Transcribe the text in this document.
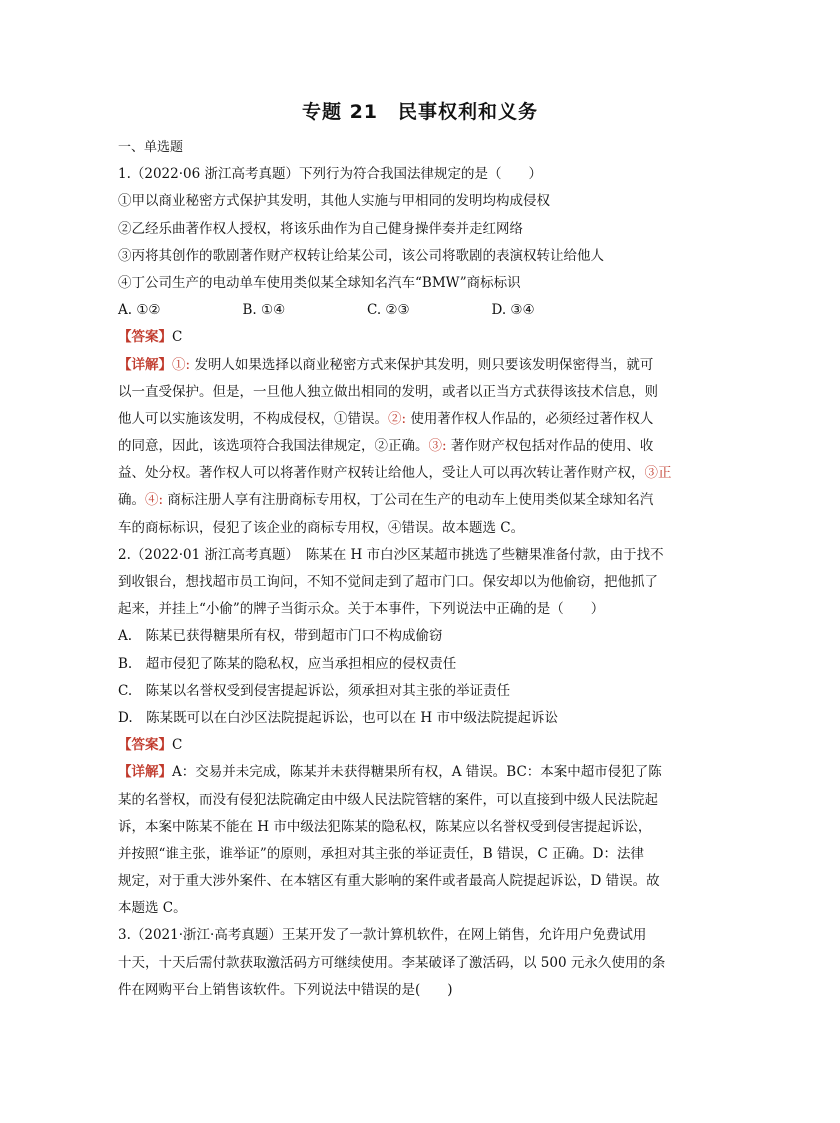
专题 21　民事权利和义务
一、单选题
1.（2022·06 浙江高考真题）下列行为符合我国法律规定的是（　　）
①甲以商业秘密方式保护其发明，其他人实施与甲相同的发明均构成侵权
②乙经乐曲著作权人授权，将该乐曲作为自己健身操伴奏并走红网络
③丙将其创作的歌剧著作财产权转让给某公司，该公司将歌剧的表演权转让给他人
④丁公司生产的电动单车使用类似某全球知名汽车“BMW”商标标识
A. ①②	B. ①④	C. ②③	D. ③④
【答案】C
【详解】①: 发明人如果选择以商业秘密方式来保护其发明，则只要该发明保密得当，就可
以一直受保护。但是，一旦他人独立做出相同的发明，或者以正当方式获得该技术信息，则
他人可以实施该发明，不构成侵权，①错误。②: 使用著作权人作品的，必须经过著作权人
的同意，因此，该选项符合我国法律规定，②正确。③: 著作财产权包括对作品的使用、收
益、处分权。著作权人可以将著作财产权转让给他人，受让人可以再次转让著作财产权，③正
确。④: 商标注册人享有注册商标专用权，丁公司在生产的电动车上使用类似某全球知名汽
车的商标标识，侵犯了该企业的商标专用权，④错误。故本题选 C。
2.（2022·01 浙江高考真题）　陈某在 H 市白沙区某超市挑选了些糖果准备付款，由于找不
到收银台，想找超市员工询问，不知不觉间走到了超市门口。保安却以为他偷窃，把他抓了
起来，并挂上“小偷”的牌子当街示众。关于本事件，下列说法中正确的是（　　）
A.　陈某已获得糖果所有权，带到超市门口不构成偷窃
B.　超市侵犯了陈某的隐私权，应当承担相应的侵权责任
C.　陈某以名誉权受到侵害提起诉讼，须承担对其主张的举证责任
D.　陈某既可以在白沙区法院提起诉讼，也可以在 H 市中级法院提起诉讼
【答案】C
【详解】A：交易并未完成，陈某并未获得糖果所有权，A 错误。BC：本案中超市侵犯了陈
某的名誉权，而没有侵犯法院确定由中级人民法院管辖的案件，可以直接到中级人民法院起
诉，本案中陈某不能在 H 市中级法犯陈某的隐私权，陈某应以名誉权受到侵害提起诉讼，
并按照“谁主张，谁举证”的原则，承担对其主张的举证责任，B 错误，C 正确。D：法律
规定，对于重大涉外案件、在本辖区有重大影响的案件或者最高人院提起诉讼，D 错误。故
本题选 C。
3.（2021·浙江·高考真题）王某开发了一款计算机软件，在网上销售，允许用户免费试用
十天，十天后需付款获取激活码方可继续使用。李某破译了激活码，以 500 元永久使用的条
件在网购平台上销售该软件。下列说法中错误的是(　　)
